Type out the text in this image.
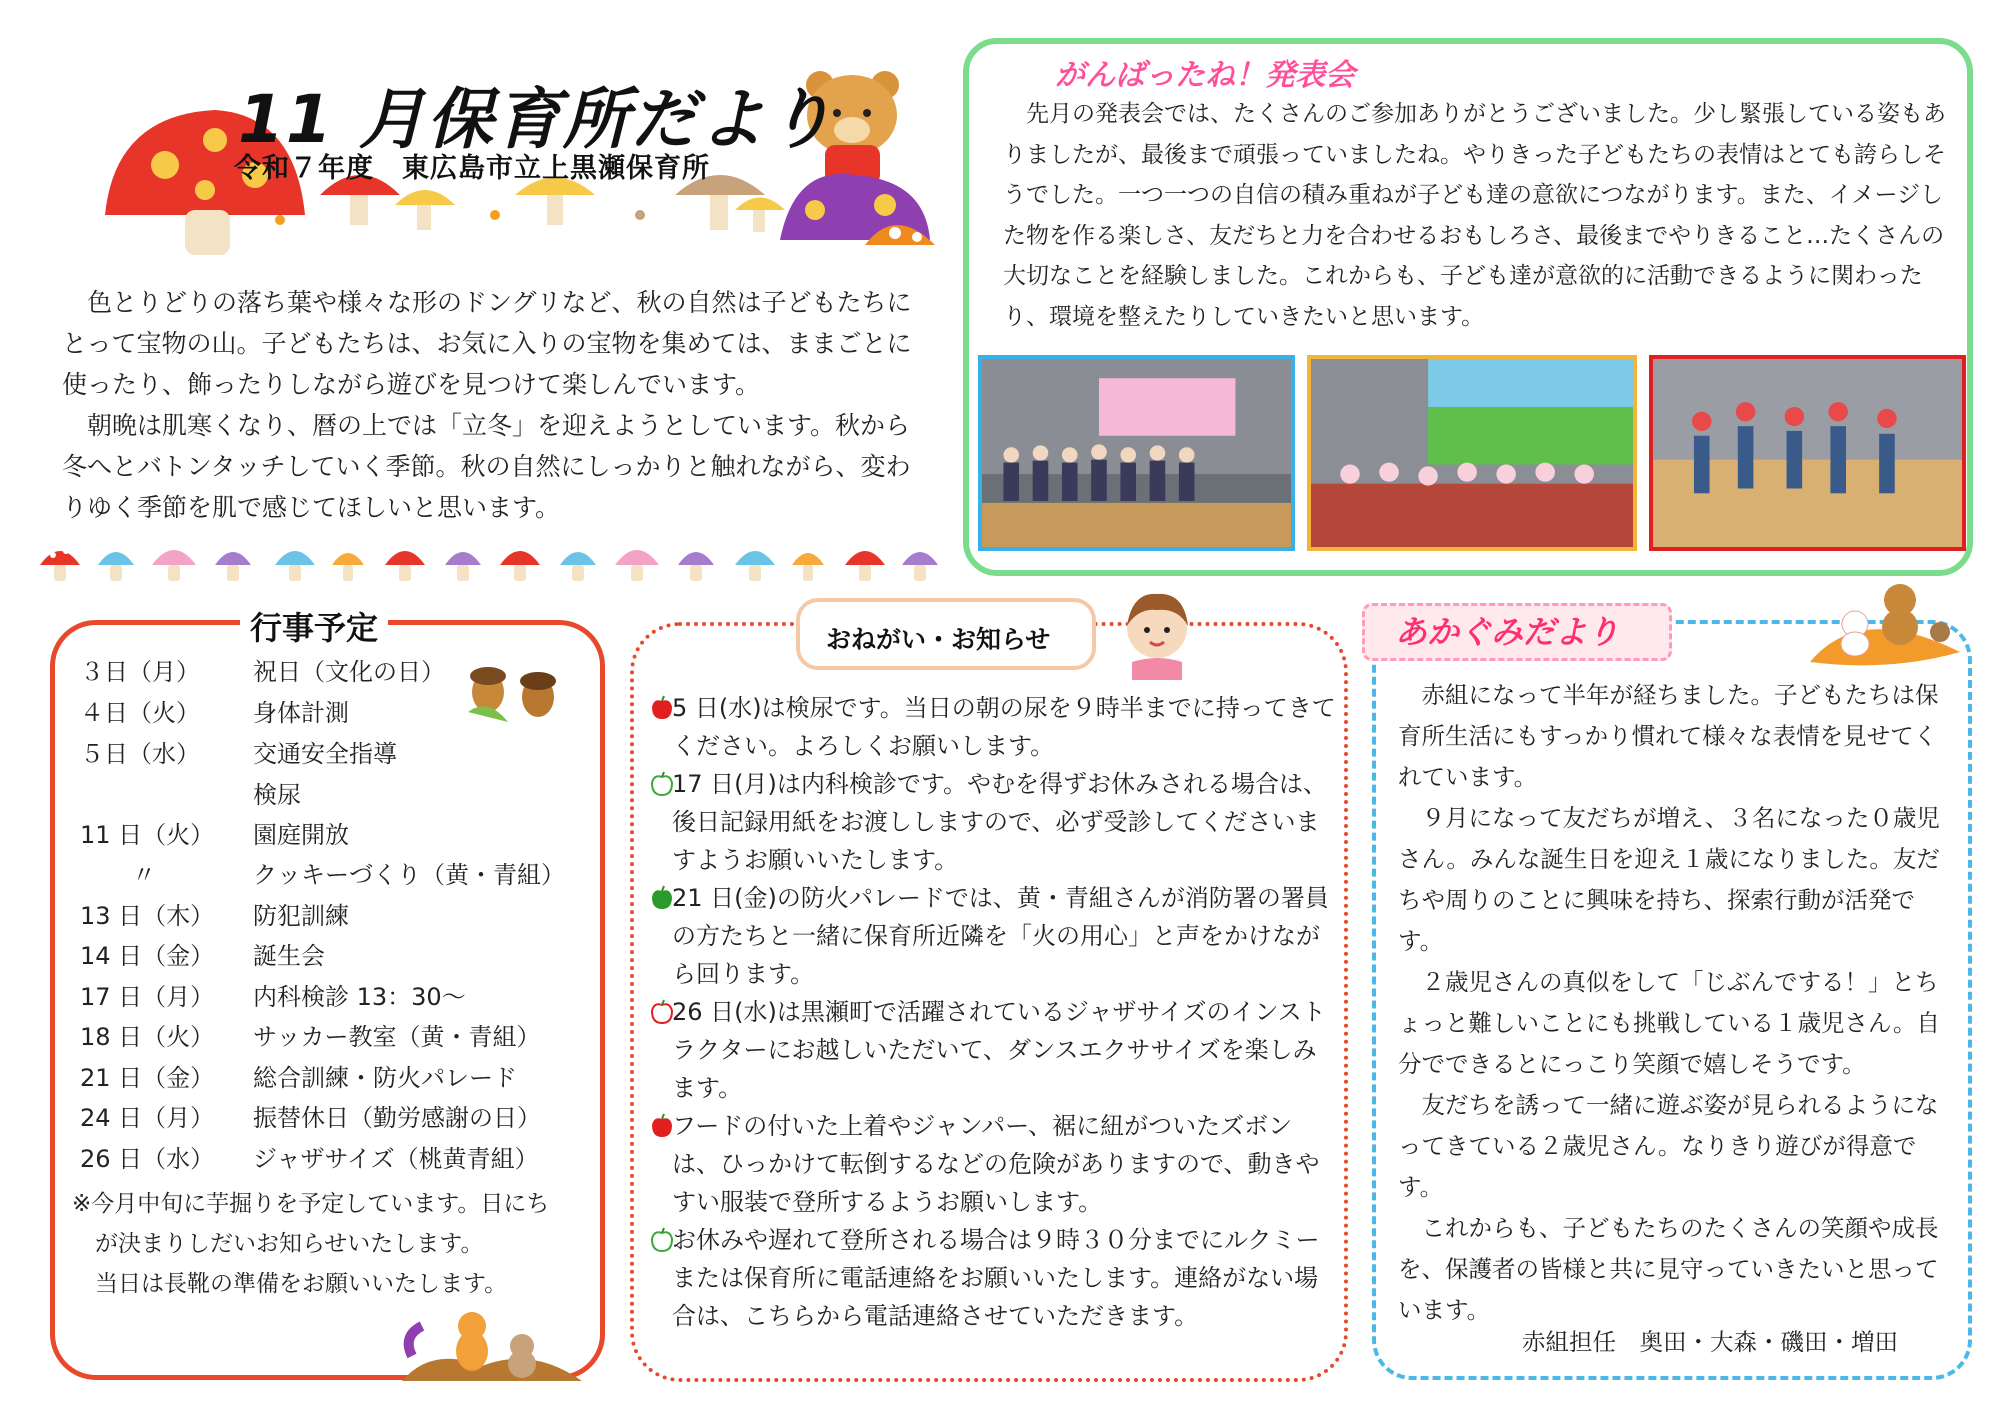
11 月保育所だより
令和７年度　東広島市立上黒瀬保育所

色とりどりの落ち葉や様々な形のドングリなど、秋の自然は子どもたちにとって宝物の山。子どもたちは、お気に入りの宝物を集めては、ままごとに使ったり、飾ったりしながら遊びを見つけて楽しんでいます。

朝晩は肌寒くなり、暦の上では「立冬」を迎えようとしています。秋から冬へとバトンタッチしていく季節。秋の自然にしっかりと触れながら、変わりゆく季節を肌で感じてほしいと思います。

がんばったね！発表会

先月の発表会では、たくさんのご参加ありがとうございました。少し緊張している姿もありましたが、最後まで頑張っていましたね。やりきった子どもたちの表情はとても誇らしそうでした。一つ一つの自信の積み重ねが子ども達の意欲につながります。また、イメージした物を作る楽しさ、友だちと力を合わせるおもしろさ、最後までやりきること…たくさんの大切なことを経験しました。これからも、子ども達が意欲的に活動できるように関わったり、環境を整えたりしていきたいと思います。

行事予定
３日（月）	祝日（文化の日）
４日（火）	身体計測
５日（水）	交通安全指導
検尿
11 日（火）	園庭開放
〃	クッキーづくり（黄・青組）
13 日（木）	防犯訓練
14 日（金）	誕生会
17 日（月）	内科検診 13：30～
18 日（火）	サッカー教室（黄・青組）
21 日（金）	総合訓練・防火パレード
24 日（月）	振替休日（勤労感謝の日）
26 日（水）	ジャザサイズ（桃黄青組）
※今月中旬に芋掘りを予定しています。日にち
　が決まりしだいお知らせいたします。
　当日は長靴の準備をお願いいたします。
おねがい・お知らせ
5 日(水)は検尿です。当日の朝の尿を９時半までに持ってきてください。よろしくお願いします。
17 日(月)は内科検診です。やむを得ずお休みされる場合は、後日記録用紙をお渡ししますので、必ず受診してくださいますようお願いいたします。
21 日(金)の防火パレードでは、黄・青組さんが消防署の署員の方たちと一緒に保育所近隣を「火の用心」と声をかけながら回ります。
26 日(水)は黒瀬町で活躍されているジャザサイズのインストラクターにお越しいただいて、ダンスエクササイズを楽しみます。
フードの付いた上着やジャンパー、裾に紐がついたズボンは、ひっかけて転倒するなどの危険がありますので、動きやすい服装で登所するようお願いします。
お休みや遅れて登所される場合は９時３０分までにルクミーまたは保育所に電話連絡をお願いいたします。連絡がない場合は、こちらから電話連絡させていただきます。
あかぐみだより

赤組になって半年が経ちました。子どもたちは保育所生活にもすっかり慣れて様々な表情を見せてくれています。

９月になって友だちが増え、３名になった０歳児さん。みんな誕生日を迎え１歳になりました。友だちや周りのことに興味を持ち、探索行動が活発です。

２歳児さんの真似をして「じぶんでする！」とちょっと難しいことにも挑戦している１歳児さん。自分でできるとにっこり笑顔で嬉しそうです。

友だちを誘って一緒に遊ぶ姿が見られるようになってきている２歳児さん。なりきり遊びが得意です。

これからも、子どもたちのたくさんの笑顔や成長を、保護者の皆様と共に見守っていきたいと思っています。

赤組担任　奥田・大森・磯田・増田
